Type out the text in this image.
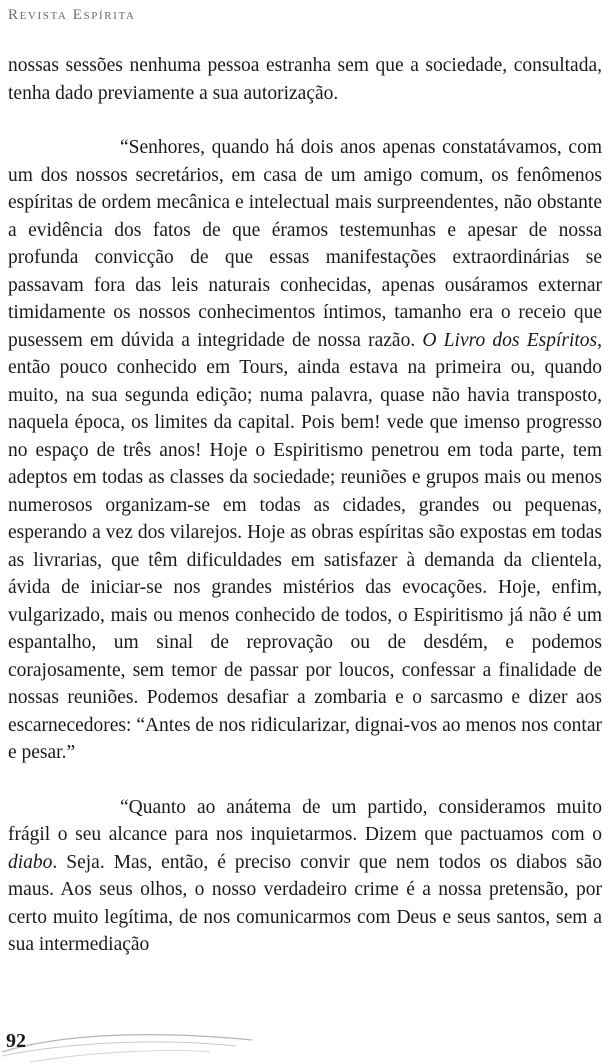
Revista Espírita

nossas sessões nenhuma pessoa estranha sem que a sociedade, consultada, tenha dado previamente a sua autorização.

“Senhores, quando há dois anos apenas constatávamos, com um dos nossos secretários, em casa de um amigo comum, os fenômenos espíritas de ordem mecânica e intelectual mais surpreendentes, não obstante a evidência dos fatos de que éramos testemunhas e apesar de nossa profunda convicção de que essas manifestações extraordinárias se passavam fora das leis naturais conhecidas, apenas ousáramos externar timidamente os nossos conhecimentos íntimos, tamanho era o receio que pusessem em dúvida a integridade de nossa razão. O Livro dos Espíritos, então pouco conhecido em Tours, ainda estava na primeira ou, quando muito, na sua segunda edição; numa palavra, quase não havia transposto, naquela época, os limites da capital. Pois bem! vede que imenso progresso no espaço de três anos! Hoje o Espiritismo penetrou em toda parte, tem adeptos em todas as classes da sociedade; reuniões e grupos mais ou menos numerosos organizam-se em todas as cidades, grandes ou pequenas, esperando a vez dos vilarejos. Hoje as obras espíritas são expostas em todas as livrarias, que têm dificuldades em satisfazer à demanda da clientela, ávida de iniciar-se nos grandes mistérios das evocações. Hoje, enfim, vulgarizado, mais ou menos conhecido de todos, o Espiritismo já não é um espantalho, um sinal de reprovação ou de desdém, e podemos corajosamente, sem temor de passar por loucos, confessar a finalidade de nossas reuniões. Podemos desafiar a zombaria e o sarcasmo e dizer aos escarnecedores: “Antes de nos ridicularizar, dignai-vos ao menos nos contar e pesar.”

“Quanto ao anátema de um partido, consideramos muito frágil o seu alcance para nos inquietarmos. Dizem que pactuamos com o diabo. Seja. Mas, então, é preciso convir que nem todos os diabos são maus. Aos seus olhos, o nosso verdadeiro crime é a nossa pretensão, por certo muito legítima, de nos comunicarmos com Deus e seus santos, sem a sua intermediação

92
